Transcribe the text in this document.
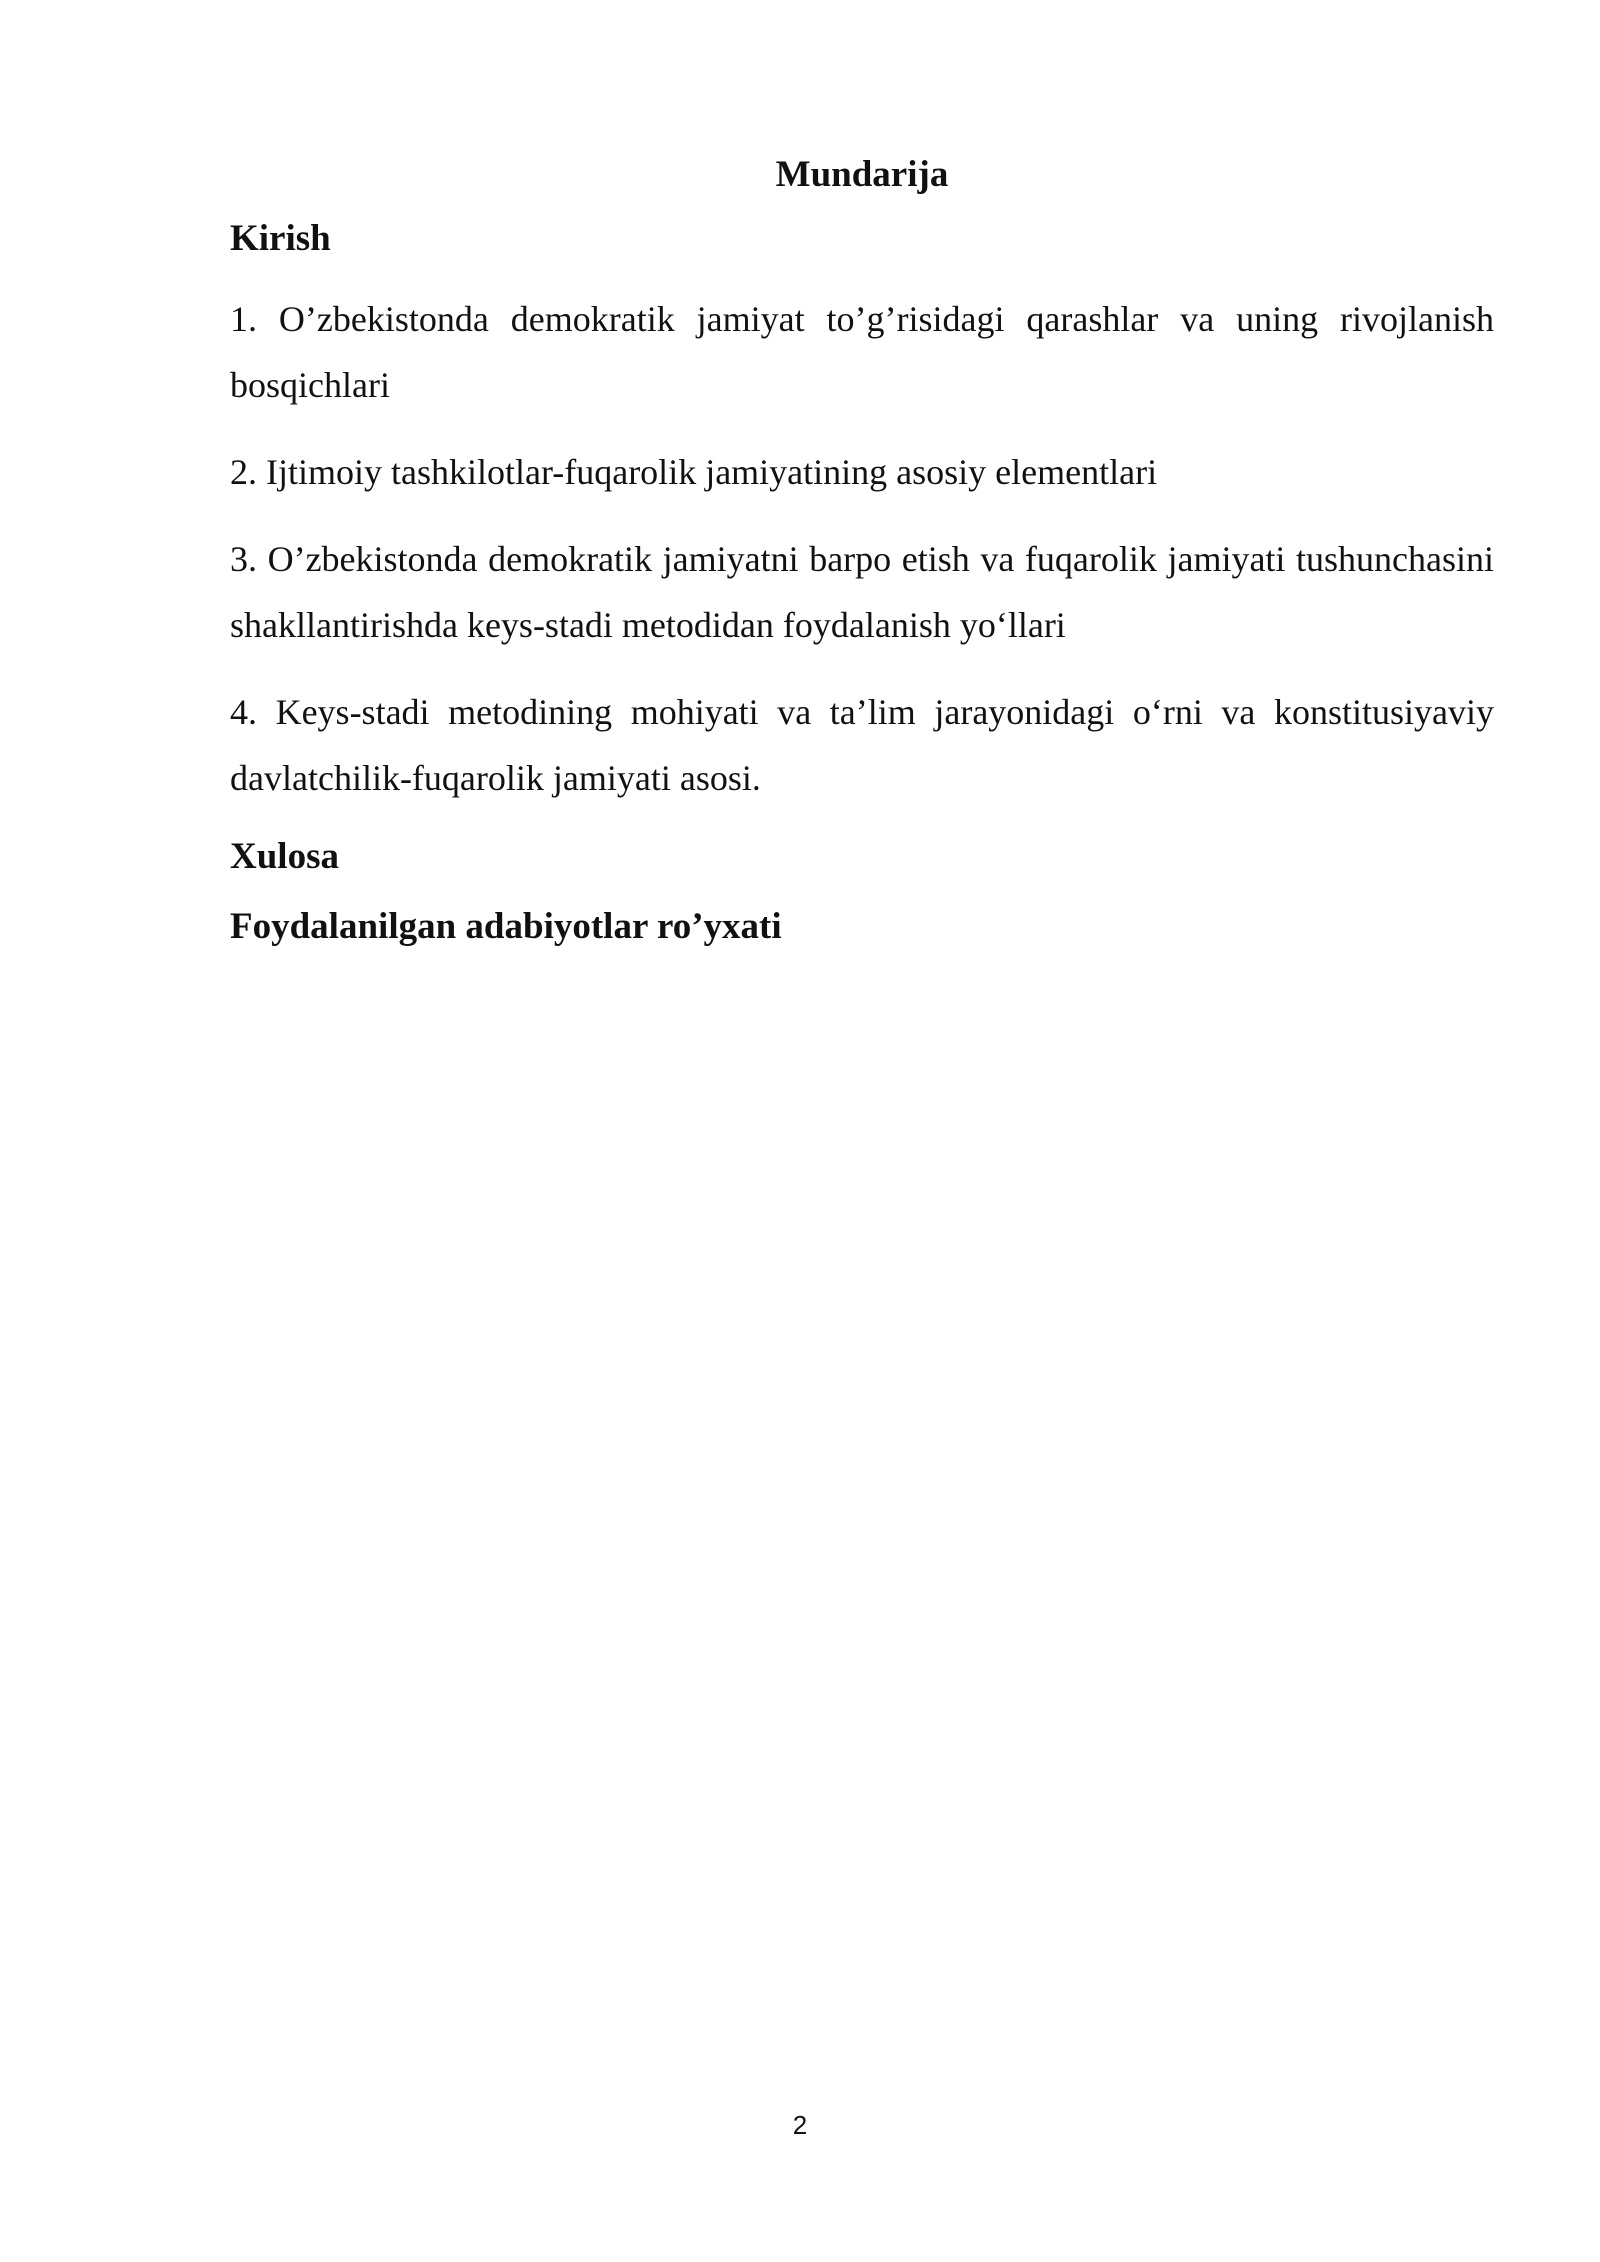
Mundarija
Kirish
1. O’zbekistonda demokratik jamiyat to’g’risidagi qarashlar va uning rivojlanish bosqichlari
2. Ijtimoiy tashkilotlar-fuqarolik jamiyatining asosiy elementlari
3. O’zbekistonda demokratik jamiyatni barpo etish va fuqarolik jamiyati tushunchasini shakllantirishda keys-stadi metodidan foydalanish yo‘llari
4. Keys-stadi metodining mohiyati va ta’lim jarayonidagi o‘rni va konstitusiyaviy davlatchilik-fuqarolik jamiyati asosi.
Xulosa
Foydalanilgan adabiyotlar ro’yxati
2
